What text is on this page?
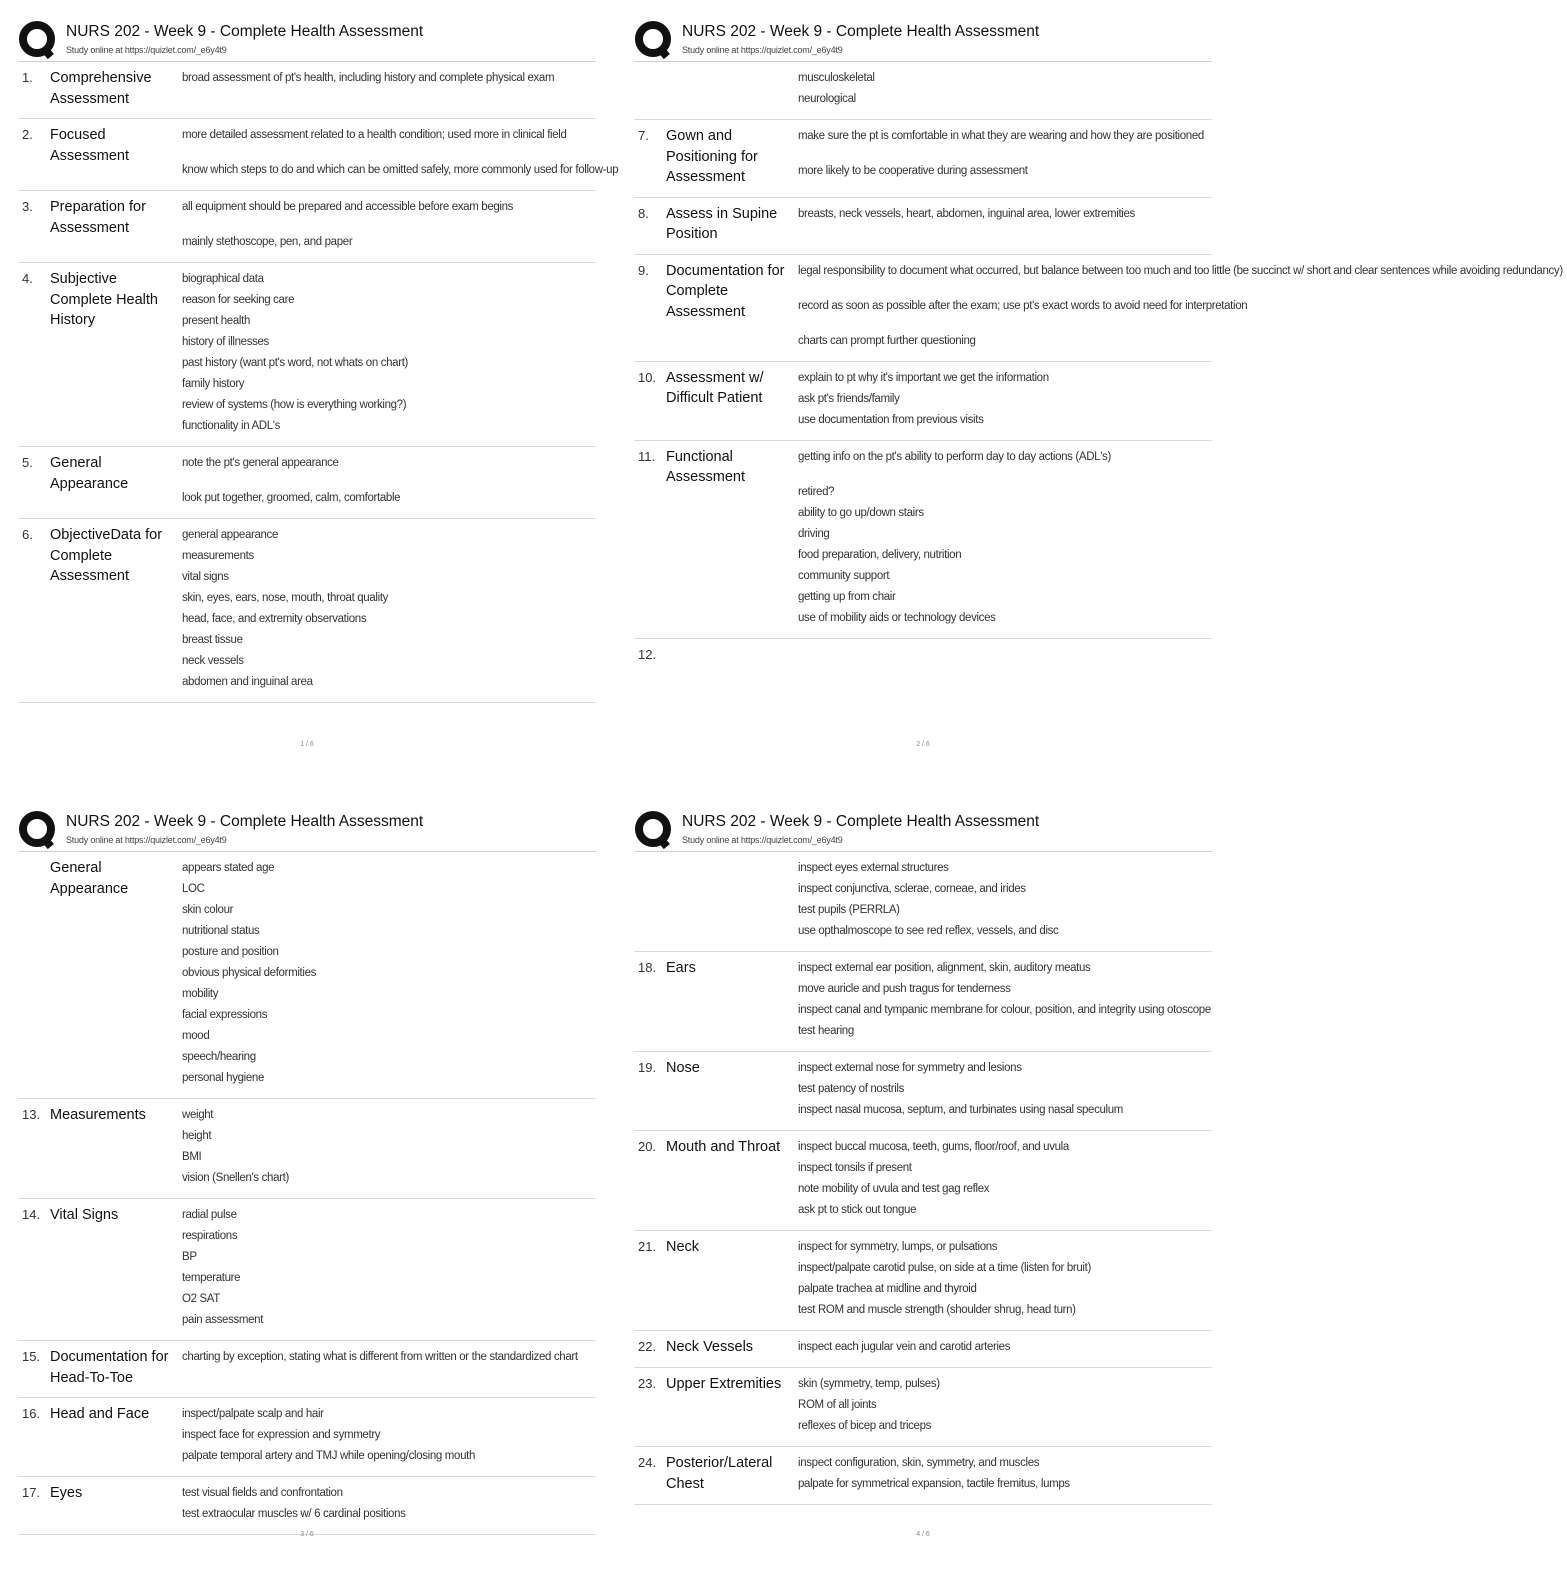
NURS 202 - Week 9 - Complete Health Assessment
Study online at https://quizlet.com/_e6y4t9
1.	Comprehensive Assessment
broad assessment of pt's health, including history and complete physical exam
2.	Focused Assessment
more detailed assessment related to a health condition; used more in clinical field
know which steps to do and which can be omitted safely, more commonly used for follow-up
3.	Preparation for Assessment
all equipment should be prepared and accessible before exam begins
mainly stethoscope, pen, and paper
4.	Subjective Complete Health History
biographical data
reason for seeking care
present health
history of illnesses
past history (want pt's word, not whats on chart)
family history
review of systems (how is everything working?)
functionality in ADL's
5.	General Appearance
note the pt's general appearance
look put together, groomed, calm, comfortable
6.	ObjectiveData for Complete Assessment
general appearance
measurements
vital signs
skin, eyes, ears, nose, mouth, throat quality
head, face, and extremity observations
breast tissue
neck vessels
abdomen and inguinal area
1 / 6
NURS 202 - Week 9 - Complete Health Assessment
Study online at https://quizlet.com/_e6y4t9
musculoskeletal
neurological
7.	Gown and Positioning for Assessment
make sure the pt is comfortable in what they are wearing and how they are positioned
more likely to be cooperative during assessment
8.	Assess in Supine Position
breasts, neck vessels, heart, abdomen, inguinal area, lower extremities
9.	Documentation for Complete Assessment
legal responsibility to document what occurred, but balance between too much and too little (be succinct w/ short and clear sentences while avoiding redundancy)
record as soon as possible after the exam; use pt's exact words to avoid need for interpretation
charts can prompt further questioning
10. Assessment w/ Difficult Patient
explain to pt why it's important we get the information
ask pt's friends/family
use documentation from previous visits
11. Functional Assessment
getting info on the pt's ability to perform day to day actions (ADL's)
retired?
ability to go up/down stairs
driving
food preparation, delivery, nutrition
community support
getting up from chair
use of mobility aids or technology devices
12.
2 / 6
NURS 202 - Week 9 - Complete Health Assessment
Study online at https://quizlet.com/_e6y4t9
General Appearance
appears stated age
LOC
skin colour
nutritional status
posture and position
obvious physical deformities
mobility
facial expressions
mood
speech/hearing
personal hygiene
13. Measurements	weight
height
BMI
vision (Snellen's chart)
14. Vital Signs	radial pulse
respirations
BP
temperature
O2 SAT
pain assessment
15. Documentation for Head-To-Toe
charting by exception, stating what is different from written or the standardized chart
16. Head and Face	inspect/palpate scalp and hair
inspect face for expression and symmetry
palpate temporal artery and TMJ while opening/closing mouth
17. Eyes	test visual fields and confrontation
test extraocular muscles w/ 6 cardinal positions
3 / 6
NURS 202 - Week 9 - Complete Health Assessment
Study online at https://quizlet.com/_e6y4t9
inspect eyes external structures
inspect conjunctiva, sclerae, corneae, and irides
test pupils (PERRLA)
use opthalmoscope to see red reflex, vessels, and disc
18. Ears	inspect external ear position, alignment, skin, auditory meatus
move auricle and push tragus for tenderness
inspect canal and tympanic membrane for colour, position, and integrity using otoscope
test hearing
19. Nose	inspect external nose for symmetry and lesions
test patency of nostrils
inspect nasal mucosa, septum, and turbinates using nasal speculum
20. Mouth and Throat	inspect buccal mucosa, teeth, gums, floor/roof, and uvula
inspect tonsils if present
note mobility of uvula and test gag reflex
ask pt to stick out tongue
21. Neck	inspect for symmetry, lumps, or pulsations
inspect/palpate carotid pulse, on side at a time (listen for bruit)
palpate trachea at midline and thyroid
test ROM and muscle strength (shoulder shrug, head turn)
22. Neck Vessels	inspect each jugular vein and carotid arteries
23. Upper Extremities	skin (symmetry, temp, pulses)
ROM of all joints
reflexes of bicep and triceps
24. Posterior/Lateral Chest
inspect configuration, skin, symmetry, and muscles
palpate for symmetrical expansion, tactile fremitus, lumps
4 / 6
